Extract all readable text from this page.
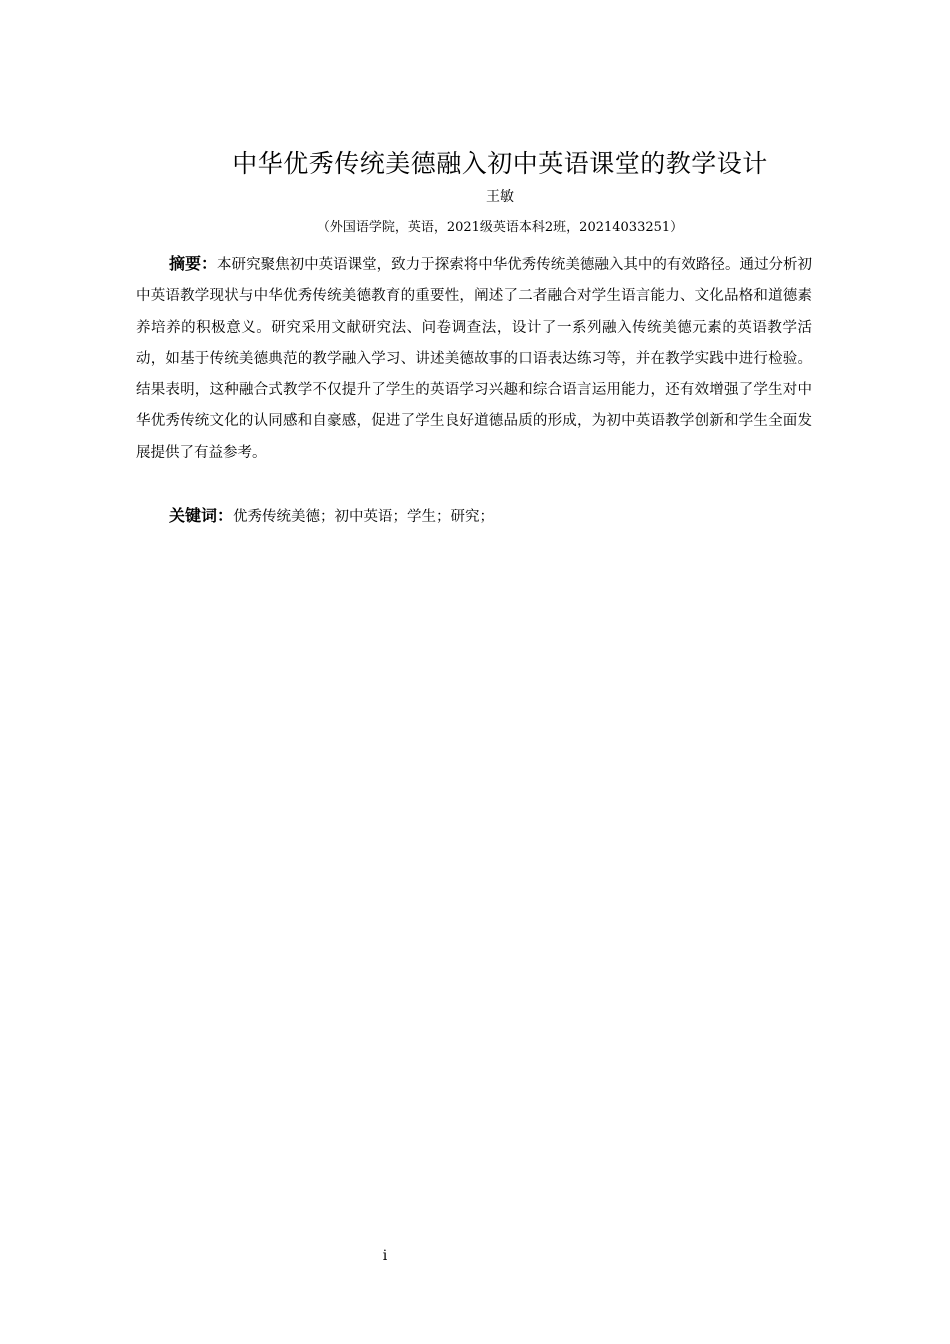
中华优秀传统美德融入初中英语课堂的教学设计
王敏
（外国语学院，英语，2021级英语本科2班，20214033251）
摘要：本研究聚焦初中英语课堂，致力于探索将中华优秀传统美德融入其中的有效路径。通过分析初中英语教学现状与中华优秀传统美德教育的重要性，阐述了二者融合对学生语言能力、文化品格和道德素养培养的积极意义。研究采用文献研究法、问卷调查法，设计了一系列融入传统美德元素的英语教学活动，如基于传统美德典范的教学融入学习、讲述美德故事的口语表达练习等，并在教学实践中进行检验。结果表明，这种融合式教学不仅提升了学生的英语学习兴趣和综合语言运用能力，还有效增强了学生对中华优秀传统文化的认同感和自豪感，促进了学生良好道德品质的形成，为初中英语教学创新和学生全面发展提供了有益参考。
关键词：优秀传统美德；初中英语；学生；研究；
i
